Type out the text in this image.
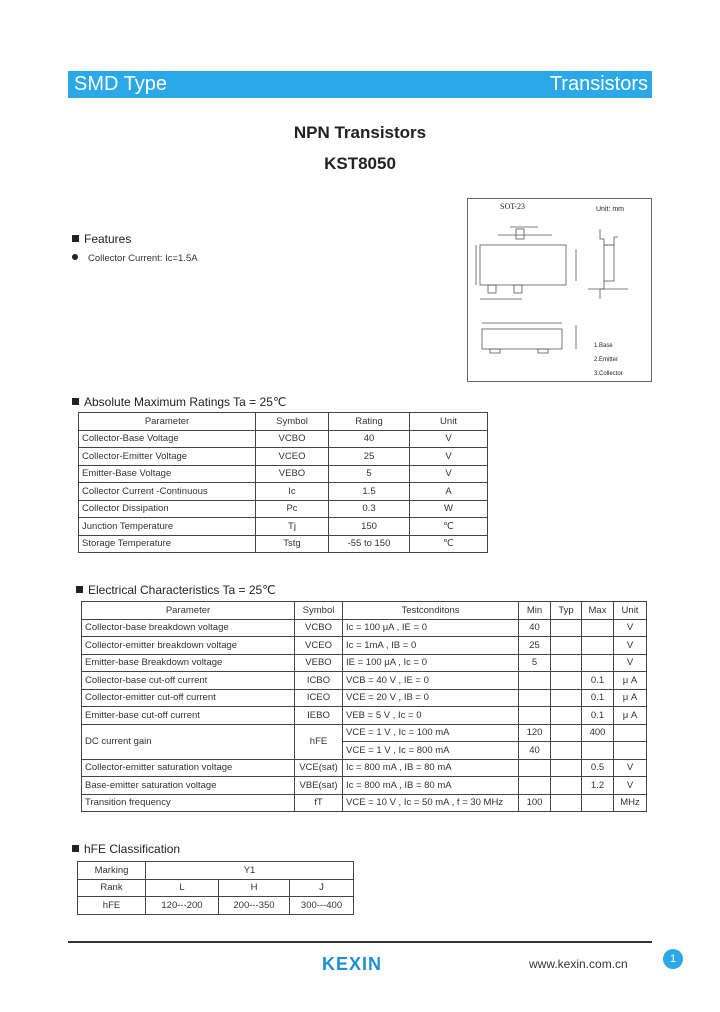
SMD Type	Transistors
NPN Transistors
KST8050
Features
Collector Current: Ic=1.5A
SOT-23	Unit: mm
1.Base
2.Emitter
3.Collector
Absolute Maximum Ratings Ta = 25℃
Parameter	Symbol	Rating	Unit
Collector-Base Voltage	VCBO	40	V
Collector-Emitter Voltage	VCEO	25	V
Emitter-Base Voltage	VEBO	5	V
Collector Current -Continuous	Ic	1.5	A
Collector Dissipation	Pc	0.3	W
Junction Temperature	Tj	150	℃
Storage Temperature	Tstg	-55 to 150	℃
Electrical Characteristics Ta = 25℃
Parameter	Symbol	Testconditons	Min	Typ	Max	Unit
Collector-base breakdown voltage	VCBO	Ic = 100 μA , IE = 0	40			V
Collector-emitter breakdown voltage	VCEO	Ic = 1mA , IB = 0	25			V
Emitter-base Breakdown voltage	VEBO	IE = 100 μA , Ic = 0	5			V
Collector-base cut-off current	ICBO	VCB = 40 V , IE = 0			0.1	μ A
Collector-emitter cut-off current	ICEO	VCE = 20 V , IB = 0			0.1	μ A
Emitter-base cut-off current	IEBO	VEB = 5 V , Ic = 0			0.1	μ A
DC current gain	hFE	VCE = 1 V , Ic = 100 mA	120		400	
		VCE = 1 V , Ic = 800 mA	40			
Collector-emitter saturation voltage	VCE(sat)	Ic = 800 mA , IB = 80 mA			0.5	V
Base-emitter saturation voltage	VBE(sat)	Ic = 800 mA , IB = 80 mA			1.2	V
Transition frequency	fT	VCE = 10 V , Ic = 50 mA , f = 30 MHz	100			MHz
hFE Classification
Marking	Y1		
Rank	L	H	J
hFE	120---200	200---350	300---400
KEXIN	www.kexin.com.cn	1
